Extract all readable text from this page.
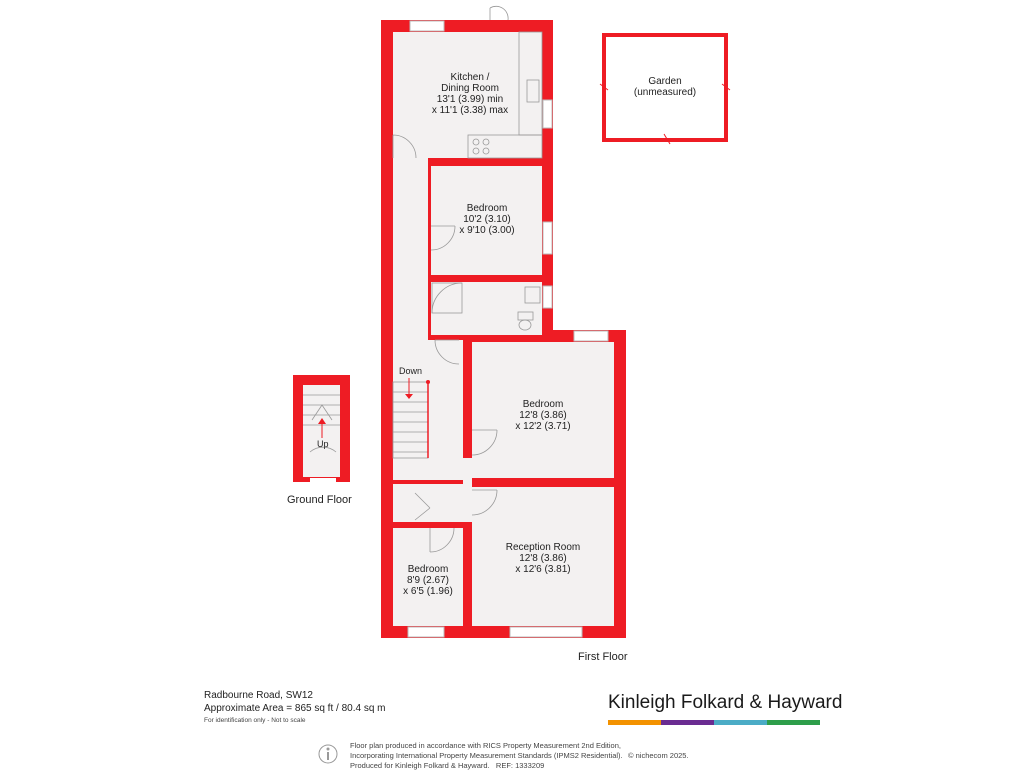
Kitchen /
Dining Room
13'1 (3.99) min
x 11'1 (3.38) max
Garden
(unmeasured)
Bedroom
10'2 (3.10)
x 9'10 (3.00)
Bedroom
12'8 (3.86)
x 12'2 (3.71)
Reception Room
12'8 (3.86)
x 12'6 (3.81)
Bedroom
8'9 (2.67)
x 6'5 (1.96)
Down
Up
Ground Floor
First Floor
Radbourne Road, SW12
Approximate Area = 865 sq ft / 80.4 sq m
For identification only - Not to scale
Kinleigh Folkard & Hayward
Floor plan produced in accordance with RICS Property Measurement 2nd Edition,
Incorporating International Property Measurement Standards (IPMS2 Residential).
Produced for Kinleigh Folkard & Hayward. REF: 1333209
© nichecom 2025.
